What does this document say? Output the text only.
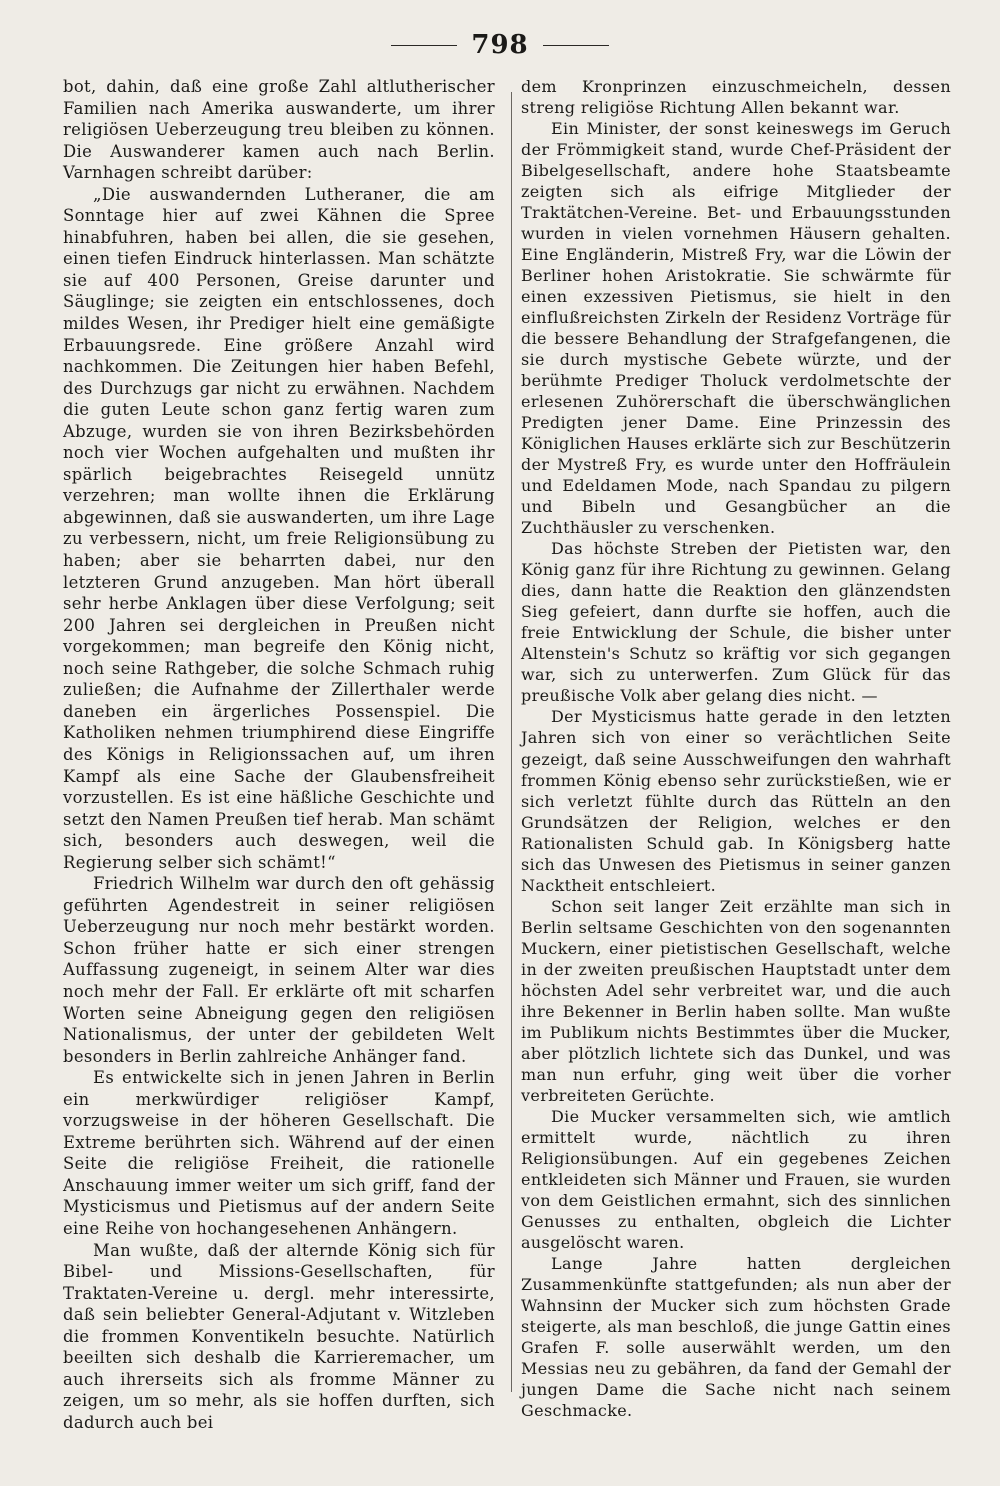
798

bot, dahin, daß eine große Zahl altlutherischer Familien nach Amerika auswanderte, um ihrer religiösen Ueberzeugung treu bleiben zu können. Die Auswanderer kamen auch nach Berlin. Varnhagen schreibt darüber:

„Die auswandernden Lutheraner, die am Sonntage hier auf zwei Kähnen die Spree hinabfuhren, haben bei allen, die sie gesehen, einen tiefen Eindruck hinterlassen. Man schätzte sie auf 400 Personen, Greise darunter und Säuglinge; sie zeigten ein entschlossenes, doch mildes Wesen, ihr Prediger hielt eine gemäßigte Erbauungsrede. Eine größere Anzahl wird nachkommen. Die Zeitungen hier haben Befehl, des Durchzugs gar nicht zu erwähnen. Nachdem die guten Leute schon ganz fertig waren zum Abzuge, wurden sie von ihren Bezirksbehörden noch vier Wochen aufgehalten und mußten ihr spärlich beigebrachtes Reisegeld unnütz verzehren; man wollte ihnen die Erklärung abgewinnen, daß sie auswanderten, um ihre Lage zu verbessern, nicht, um freie Religionsübung zu haben; aber sie beharrten dabei, nur den letzteren Grund anzugeben. Man hört überall sehr herbe Anklagen über diese Verfolgung; seit 200 Jahren sei dergleichen in Preußen nicht vorgekommen; man begreife den König nicht, noch seine Rathgeber, die solche Schmach ruhig zuließen; die Aufnahme der Zillerthaler werde daneben ein ärgerliches Possenspiel. Die Katholiken nehmen triumphirend diese Eingriffe des Königs in Religionssachen auf, um ihren Kampf als eine Sache der Glaubensfreiheit vorzustellen. Es ist eine häßliche Geschichte und setzt den Namen Preußen tief herab. Man schämt sich, besonders auch deswegen, weil die Regierung selber sich schämt!“

Friedrich Wilhelm war durch den oft gehässig geführten Agendestreit in seiner religiösen Ueberzeugung nur noch mehr bestärkt worden. Schon früher hatte er sich einer strengen Auffassung zugeneigt, in seinem Alter war dies noch mehr der Fall. Er erklärte oft mit scharfen Worten seine Abneigung gegen den religiösen Nationalismus, der unter der gebildeten Welt besonders in Berlin zahlreiche Anhänger fand.

Es entwickelte sich in jenen Jahren in Berlin ein merkwürdiger religiöser Kampf, vorzugsweise in der höheren Gesellschaft. Die Extreme berührten sich. Während auf der einen Seite die religiöse Freiheit, die rationelle Anschauung immer weiter um sich griff, fand der Mysticismus und Pietismus auf der andern Seite eine Reihe von hochangesehenen Anhängern.

Man wußte, daß der alternde König sich für Bibel- und Missions-Gesellschaften, für Traktaten-Vereine u. dergl. mehr interessirte, daß sein beliebter General-Adjutant v. Witzleben die frommen Konventikeln besuchte. Natürlich beeilten sich deshalb die Karrieremacher, um auch ihrerseits sich als fromme Männer zu zeigen, um so mehr, als sie hoffen durften, sich dadurch auch bei

dem Kronprinzen einzuschmeicheln, dessen streng religiöse Richtung Allen bekannt war.

Ein Minister, der sonst keineswegs im Geruch der Frömmigkeit stand, wurde Chef-Präsident der Bibelgesellschaft, andere hohe Staatsbeamte zeigten sich als eifrige Mitglieder der Traktätchen-Vereine. Bet- und Erbauungsstunden wurden in vielen vornehmen Häusern gehalten. Eine Engländerin, Mistreß Fry, war die Löwin der Berliner hohen Aristokratie. Sie schwärmte für einen exzessiven Pietismus, sie hielt in den einflußreichsten Zirkeln der Residenz Vorträge für die bessere Behandlung der Strafgefangenen, die sie durch mystische Gebete würzte, und der berühmte Prediger Tholuck verdolmetschte der erlesenen Zuhörerschaft die überschwänglichen Predigten jener Dame. Eine Prinzessin des Königlichen Hauses erklärte sich zur Beschützerin der Mystreß Fry, es wurde unter den Hoffräulein und Edeldamen Mode, nach Spandau zu pilgern und Bibeln und Gesangbücher an die Zuchthäusler zu verschenken.

Das höchste Streben der Pietisten war, den König ganz für ihre Richtung zu gewinnen. Gelang dies, dann hatte die Reaktion den glänzendsten Sieg gefeiert, dann durfte sie hoffen, auch die freie Entwicklung der Schule, die bisher unter Altenstein's Schutz so kräftig vor sich gegangen war, sich zu unterwerfen. Zum Glück für das preußische Volk aber gelang dies nicht. —

Der Mysticismus hatte gerade in den letzten Jahren sich von einer so verächtlichen Seite gezeigt, daß seine Ausschweifungen den wahrhaft frommen König ebenso sehr zurückstießen, wie er sich verletzt fühlte durch das Rütteln an den Grundsätzen der Religion, welches er den Rationalisten Schuld gab. In Königsberg hatte sich das Unwesen des Pietismus in seiner ganzen Nacktheit entschleiert.

Schon seit langer Zeit erzählte man sich in Berlin seltsame Geschichten von den sogenannten Muckern, einer pietistischen Gesellschaft, welche in der zweiten preußischen Hauptstadt unter dem höchsten Adel sehr verbreitet war, und die auch ihre Bekenner in Berlin haben sollte. Man wußte im Publikum nichts Bestimmtes über die Mucker, aber plötzlich lichtete sich das Dunkel, und was man nun erfuhr, ging weit über die vorher verbreiteten Gerüchte.

Die Mucker versammelten sich, wie amtlich ermittelt wurde, nächtlich zu ihren Religionsübungen. Auf ein gegebenes Zeichen entkleideten sich Männer und Frauen, sie wurden von dem Geistlichen ermahnt, sich des sinnlichen Genusses zu enthalten, obgleich die Lichter ausgelöscht waren.

Lange Jahre hatten dergleichen Zusammenkünfte stattgefunden; als nun aber der Wahnsinn der Mucker sich zum höchsten Grade steigerte, als man beschloß, die junge Gattin eines Grafen F. solle auserwählt werden, um den Messias neu zu gebähren, da fand der Gemahl der jungen Dame die Sache nicht nach seinem Geschmacke.
